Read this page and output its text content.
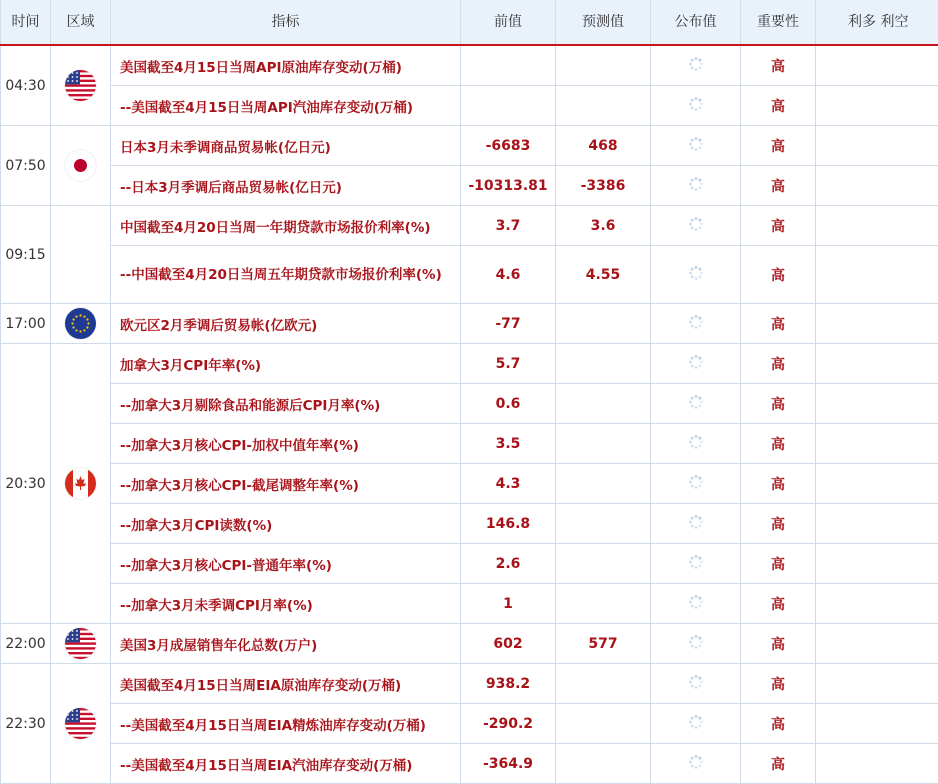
时间	区域	指标	前值	预测值	公布值	重要性	利多 利空
04:30		美国截至4月15日当周API原油库存变动(万桶)				高	
		--美国截至4月15日当周API汽油库存变动(万桶)				高	
07:50		日本3月未季调商品贸易帐(亿日元)	-6683	468		高	
		--日本3月季调后商品贸易帐(亿日元)	-10313.81	-3386		高	
09:15		中国截至4月20日当周一年期贷款市场报价利率(%)	3.7	3.6		高	
		--中国截至4月20日当周五年期贷款市场报价利率(%)	4.6	4.55		高	
17:00		欧元区2月季调后贸易帐(亿欧元)	-77			高	
20:30		加拿大3月CPI年率(%)	5.7			高	
		--加拿大3月剔除食品和能源后CPI月率(%)	0.6			高	
		--加拿大3月核心CPI-加权中值年率(%)	3.5			高	
		--加拿大3月核心CPI-截尾调整年率(%)	4.3			高	
		--加拿大3月CPI读数(%)	146.8			高	
		--加拿大3月核心CPI-普通年率(%)	2.6			高	
		--加拿大3月未季调CPI月率(%)	1			高	
22:00		美国3月成屋销售年化总数(万户)	602	577		高	
22:30		美国截至4月15日当周EIA原油库存变动(万桶)	938.2			高	
		--美国截至4月15日当周EIA精炼油库存变动(万桶)	-290.2			高	
		--美国截至4月15日当周EIA汽油库存变动(万桶)	-364.9			高	
